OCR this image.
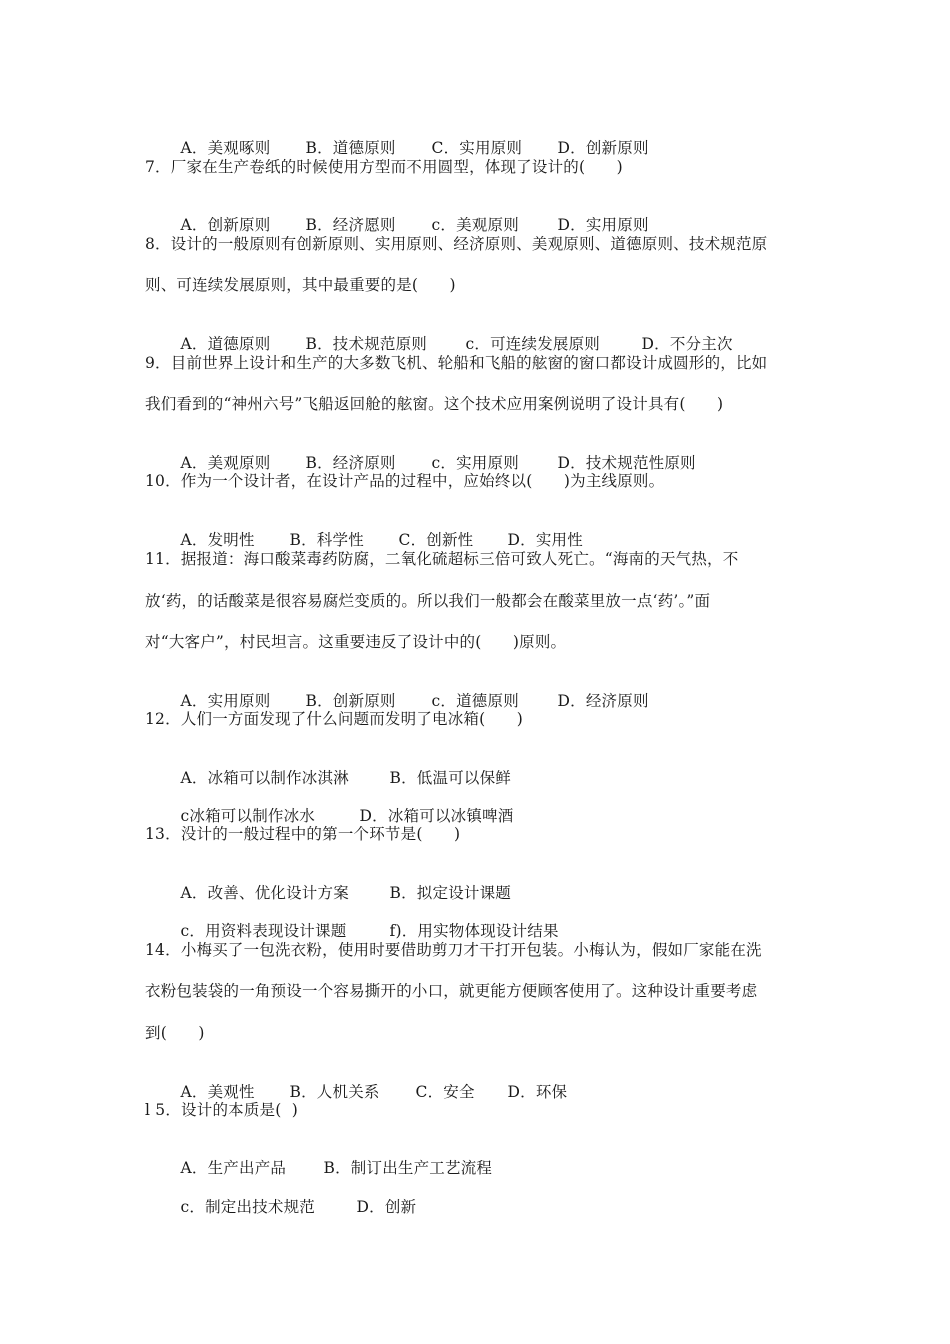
A．美观啄则 B．道德原则 C．实用原则 D．创新原则

7．厂家在生产卷纸的时候使用方型而不用圆型，体现了设计的(　　)

A．创新原则 B．经济愿则 c．美观原则 D．实用原则

8．设计的一般原则有创新原则、实用原则、经济原则、美观原则、道德原则、技术规范原
则、可连续发展原则，其中最重要的是(　　)

A．道德原则 B．技术规范原则 c．可连续发展原则	D．不分主次

9．目前世界上设计和生产的大多数飞机、轮船和飞船的舷窗的窗口都设计成圆形的，比如
我们看到的“神州六号”飞船返回舱的舷窗。这个技术应用案例说明了设计具有(　　)

A．美观原则 B．经济原则 c．实用原则 D．技术规范性原则

10．作为一个设计者，在设计产品的过程中，应始终以(　　)为主线原则。

A．发明性 B．科学性 C．创新性 D．实用性

11．据报道：海口酸菜毒药防腐，二氧化硫超标三倍可致人死亡。“海南的天气热，不
放‘药，的话酸菜是很容易腐烂变质的。所以我们一般都会在酸菜里放一点‘药’。”面
对“大客户”，村民坦言。这重要违反了设计中的(　　)原则。

A．实用原则 B．创新原则 c．道德原则 D．经济原则

12．人们一方面发现了什么问题而发明了电冰箱(　　)

A．冰箱可以制作冰淇淋	B．低温可以保鲜

c冰箱可以制作冰水	D．冰箱可以冰镇啤酒

13．没计的一般过程中的第一个环节是(　　)

A．改善、优化设计方案	B．拟定设计课题

c．用资料表现设计课题	f)．用实物体现设计结果

14．小梅买了一包洗衣粉，使用时要借助剪刀才干打开包装。小梅认为，假如厂家能在洗
衣粉包装袋的一角预设一个容易撕开的小口，就更能方便顾客使用了。这种设计重要考虑
到(　　)

A．美观性 B．人机关系 C．安全 D．环保

l 5．设计的本质是(  )

A．生产出产品 B．制订出生产工艺流程

c．制定出技术规范	D．创新
